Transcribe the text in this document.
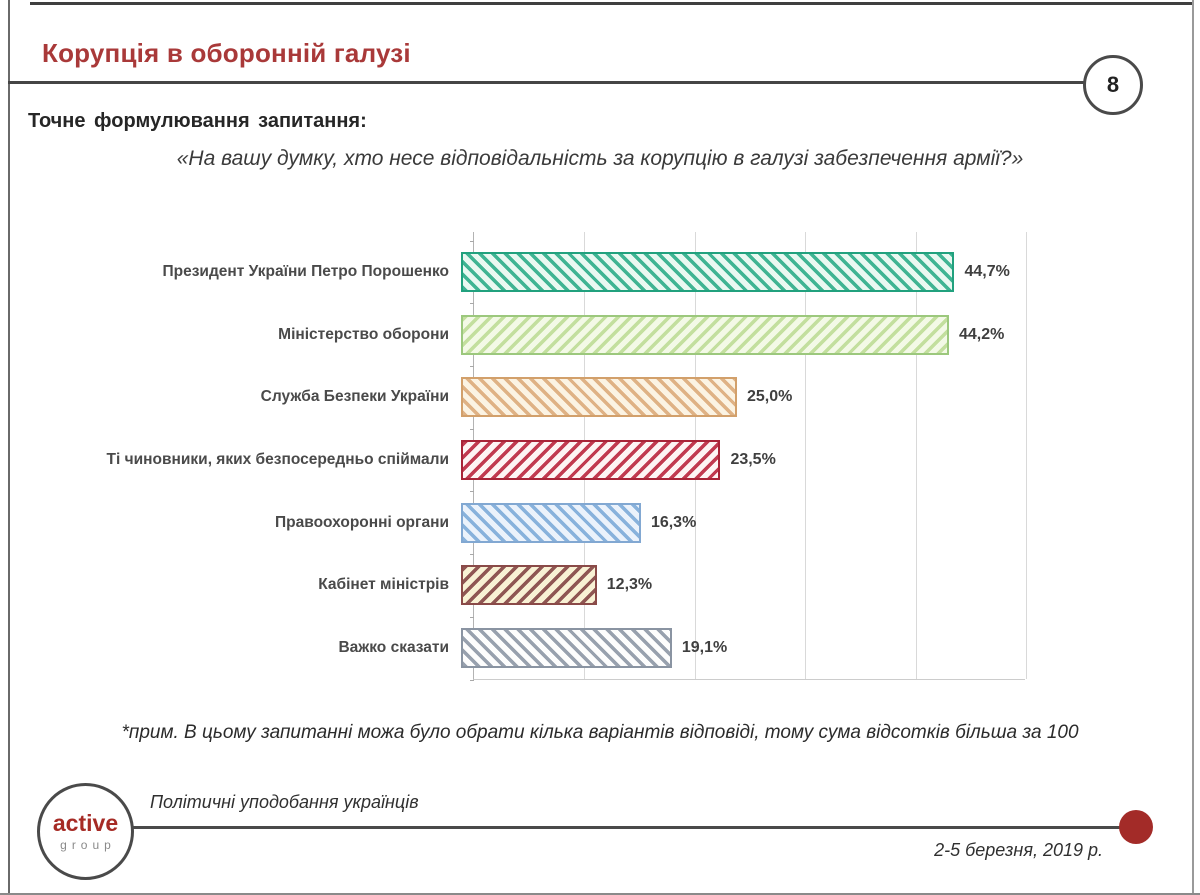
Корупція в оборонній галузі
8
Точне формулювання запитання:
«На вашу думку, хто несе відповідальність за корупцію в галузі забезпечення армії?»
Президент України Петро Порошенко	44,7%
Міністерство оборони	44,2%
Служба Безпеки України	25,0%
Ті чиновники, яких безпосередньо спіймали	23,5%
Правоохоронні органи	16,3%
Кабінет міністрів	12,3%
Важко сказати	19,1%
*прим. В цьому запитанні можа було обрати кілька варіантів відповіді, тому сума відсотків більша за 100
active
group
Політичні уподобання українців
2-5 березня, 2019 р.
